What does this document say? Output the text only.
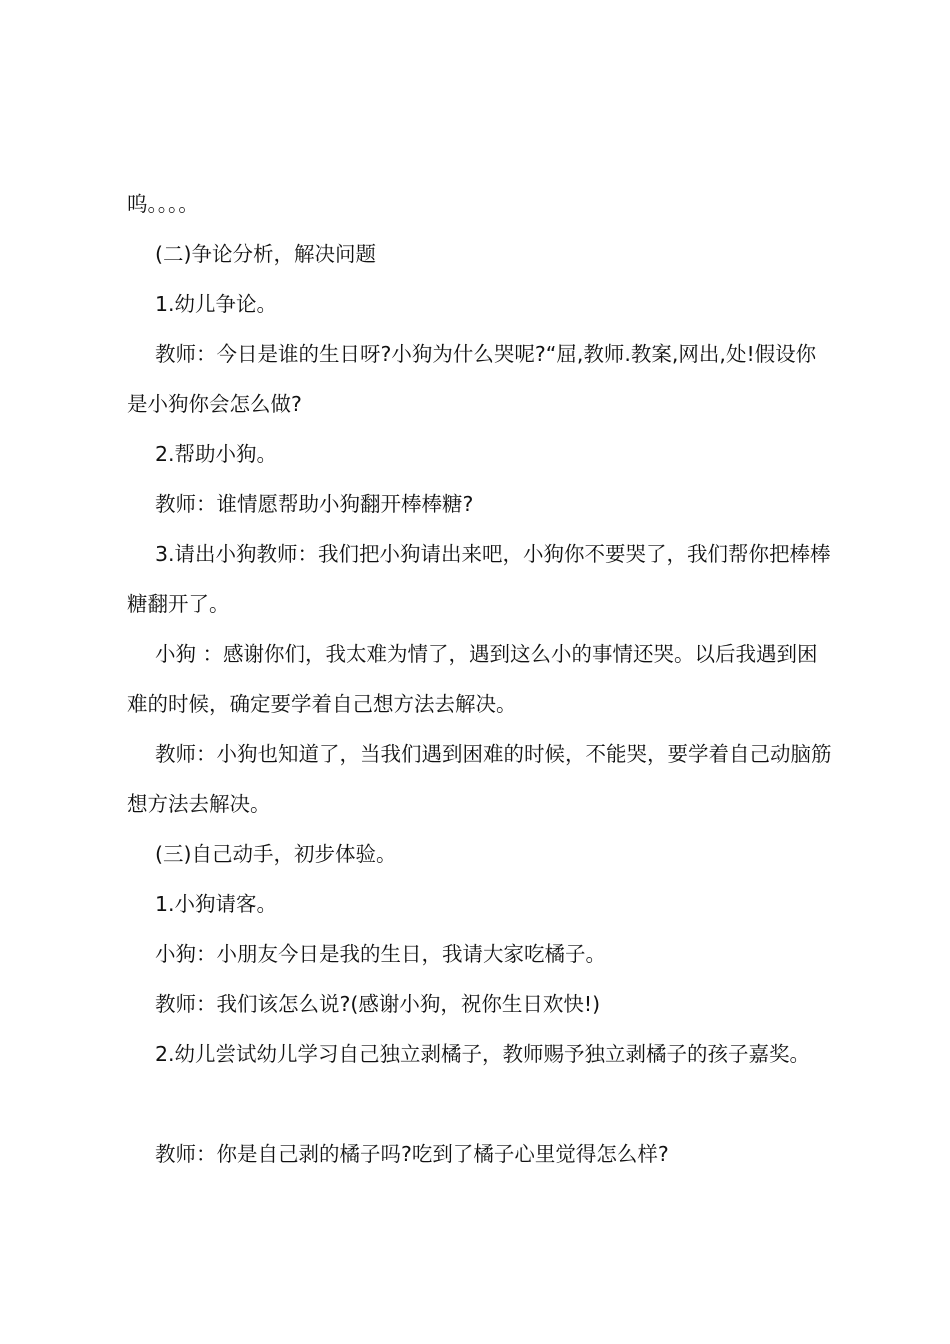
呜。。。。

(二)争论分析，解决问题

1.幼儿争论。

教师：今日是谁的生日呀?小狗为什么哭呢?“屈,教师.教案,网出,处!假设你是小狗你会怎么做?

2.帮助小狗。

教师：谁情愿帮助小狗翻开棒棒糖?

3.请出小狗教师：我们把小狗请出来吧，小狗你不要哭了，我们帮你把棒棒糖翻开了。

小狗 ：感谢你们，我太难为情了，遇到这么小的事情还哭。以后我遇到困难的时候，确定要学着自己想方法去解决。

教师：小狗也知道了，当我们遇到困难的时候，不能哭，要学着自己动脑筋想方法去解决。

(三)自己动手，初步体验。

1.小狗请客。

小狗：小朋友今日是我的生日，我请大家吃橘子。

教师：我们该怎么说?(感谢小狗，祝你生日欢快!)

2.幼儿尝试幼儿学习自己独立剥橘子，教师赐予独立剥橘子的孩子嘉奖。

教师：你是自己剥的橘子吗?吃到了橘子心里觉得怎么样?
